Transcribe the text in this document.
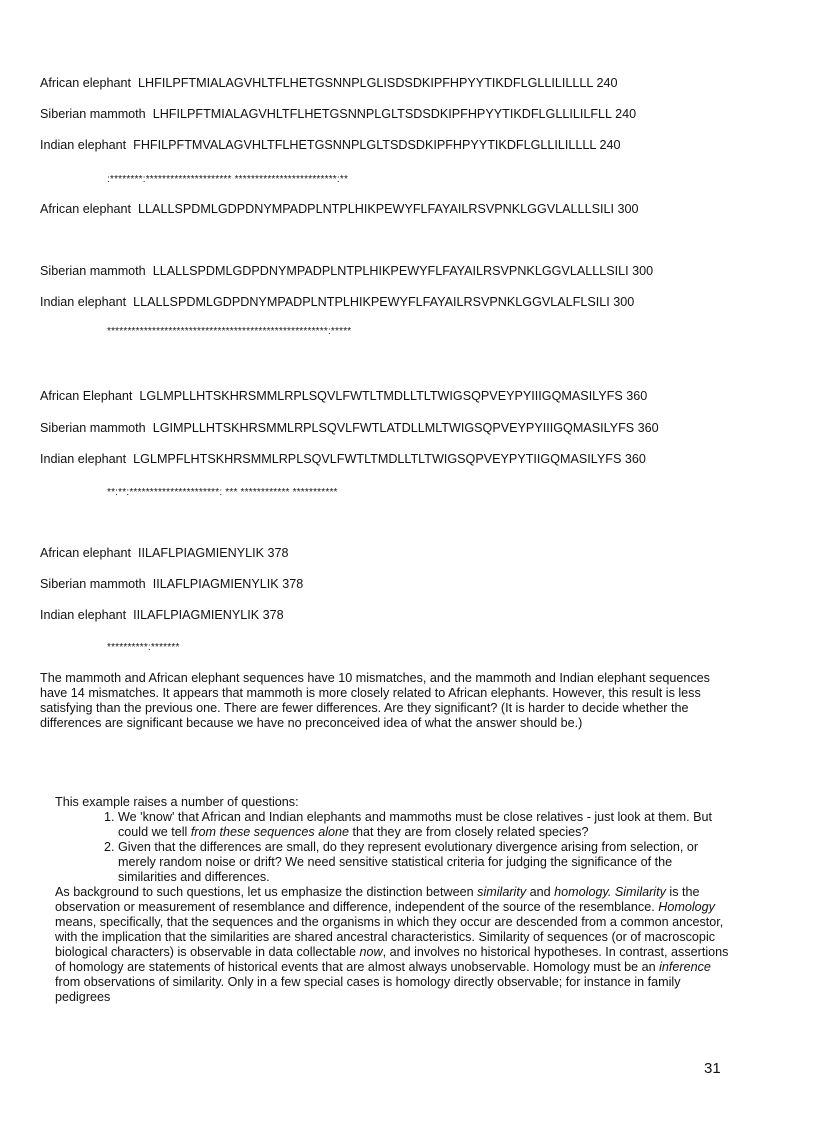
African elephant LHFILPFTMIALAGVHLTFLHETGSNNPLGLISDSDKIPFHPYYTIKDFLGLLILILLLL 240
Siberian mammoth LHFILPFTMIALAGVHLTFLHETGSNNPLGLTSDSDKIPFHPYYTIKDFLGLLILILFLL 240
Indian elephant FHFILPFTMVALAGVHLTFLHETGSNNPLGLTSDSDKIPFHPYYTIKDFLGLLILILLLL 240
:********:********************* *************************:**
African elephant LLALLSPDMLGDPDNYMPADPLNTPLHIKPEWYFLFAYAILRSVPNKLGGVLALLLSILI 300
Siberian mammoth LLALLSPDMLGDPDNYMPADPLNTPLHIKPEWYFLFAYAILRSVPNKLGGVLALLLSILI 300
Indian elephant LLALLSPDMLGDPDNYMPADPLNTPLHIKPEWYFLFAYAILRSVPNKLGGVLALFLSILI 300
******************************************************:*****
African Elephant LGLMPLLHTSKHRSMMLRPLSQVLFWTLTMDLLTLTWIGSQPVEYPYIIIGQMASILYFS 360
Siberian mammoth LGIMPLLHTSKHRSMMLRPLSQVLFWTLATDLLMLTWIGSQPVEYPYIIIGQMASILYFS 360
Indian elephant LGLMPFLHTSKHRSMMLRPLSQVLFWTLTMDLLTLTWIGSQPVEYPYTIIGQMASILYFS 360
**:**:**********************: *** ************ ***********
African elephant IILAFLPIAGMIENYLIK 378
Siberian mammoth IILAFLPIAGMIENYLIK 378
Indian elephant IILAFLPIAGMIENYLIK 378
**********:*******
The mammoth and African elephant sequences have 10 mismatches, and the mammoth and Indian elephant sequences have 14 mismatches. It appears that mammoth is more closely related to African elephants. However, this result is less satisfying than the previous one. There are fewer differences. Are they significant? (It is harder to decide whether the differences are significant because we have no preconceived idea of what the answer should be.)
This example raises a number of questions:
1. We 'know' that African and Indian elephants and mammoths must be close relatives - just look at them. But could we tell from these sequences alone that they are from closely related species?
2. Given that the differences are small, do they represent evolutionary divergence arising from selection, or merely random noise or drift? We need sensitive statistical criteria for judging the significance of the similarities and differences.
As background to such questions, let us emphasize the distinction between similarity and homology. Similarity is the observation or measurement of resemblance and difference, independent of the source of the resemblance. Homology means, specifically, that the sequences and the organisms in which they occur are descended from a common ancestor, with the implication that the similarities are shared ancestral characteristics. Similarity of sequences (or of macroscopic biological characters) is observable in data collectable now, and involves no historical hypotheses. In contrast, assertions of homology are statements of historical events that are almost always unobservable. Homology must be an inference from observations of similarity. Only in a few special cases is homology directly observable; for instance in family pedigrees
31
